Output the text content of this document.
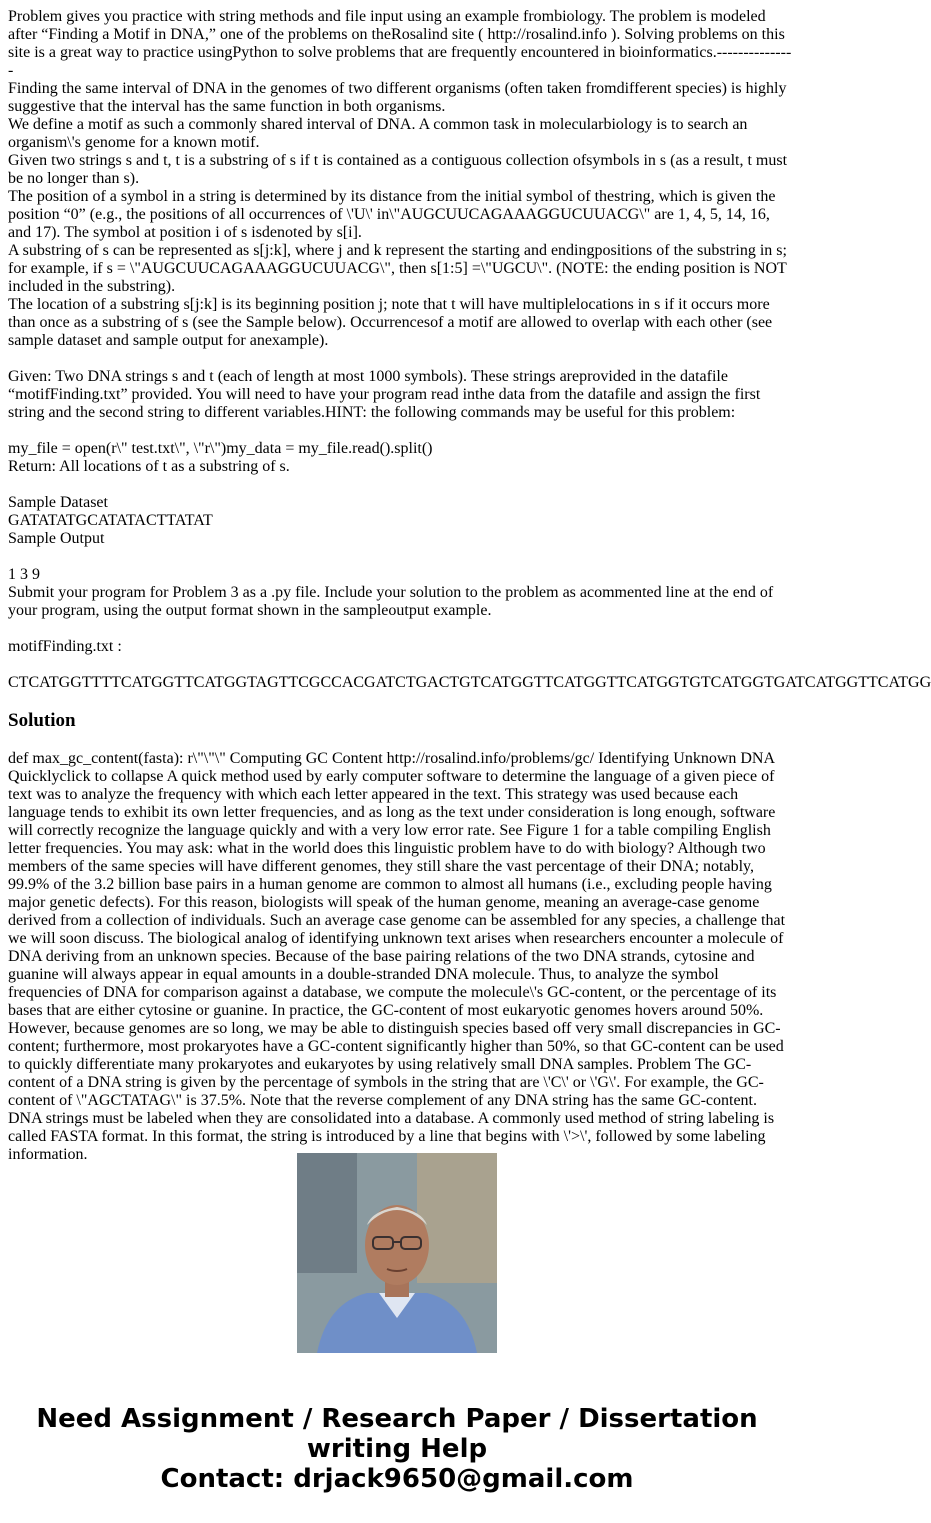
Problem gives you practice with string methods and file input using an example frombiology. The problem is modeled after “Finding a Motif in DNA,” one of the problems on theRosalind site ( http://rosalind.info ). Solving problems on this site is a great way to practice usingPython to solve problems that are frequently encountered in bioinformatics.---------------

Finding the same interval of DNA in the genomes of two different organisms (often taken fromdifferent species) is highly suggestive that the interval has the same function in both organisms.

We define a motif as such a commonly shared interval of DNA. A common task in molecularbiology is to search an organism\'s genome for a known motif.

Given two strings s and t, t is a substring of s if t is contained as a contiguous collection ofsymbols in s (as a result, t must be no longer than s).

The position of a symbol in a string is determined by its distance from the initial symbol of thestring, which is given the position “0” (e.g., the positions of all occurrences of \'U\' in\"AUGCUUCAGAAAGGUCUUACG\" are 1, 4, 5, 14, 16, and 17). The symbol at position i of s isdenoted by s[i].

A substring of s can be represented as s[j:k], where j and k represent the starting and endingpositions of the substring in s; for example, if s = \"AUGCUUCAGAAAGGUCUUACG\", then s[1:5] =\"UGCU\". (NOTE: the ending position is NOT included in the substring).

The location of a substring s[j:k] is its beginning position j; note that t will have multiplelocations in s if it occurs more than once as a substring of s (see the Sample below). Occurrencesof a motif are allowed to overlap with each other (see sample dataset and sample output for anexample).

Given: Two DNA strings s and t (each of length at most 1000 symbols). These strings areprovided in the datafile “motifFinding.txt” provided. You will need to have your program read inthe data from the datafile and assign the first string and the second string to different variables.HINT: the following commands may be useful for this problem:

my_file = open(r\" test.txt\", \"r\")my_data = my_file.read().split()

Return: All locations of t as a substring of s.

Sample Dataset

GATATATGCATATACTTATAT

Sample Output

1 3 9

Submit your program for Problem 3 as a .py file. Include your solution to the problem as acommented line at the end of your program, using the output format shown in the sampleoutput example.

motifFinding.txt :

CTCATGGTTTTCATGGTTCATGGTAGTTCGCCACGATCTGACTGTCATGGTTCATGGTTCATGGTGTCATGGTGATCATGGTTCATGG

Solution
def max_gc_content(fasta): r\"\"\" Computing GC Content http://rosalind.info/problems/gc/ Identifying Unknown DNA Quicklyclick to collapse A quick method used by early computer software to determine the language of a given piece of text was to analyze the frequency with which each letter appeared in the text. This strategy was used because each language tends to exhibit its own letter frequencies, and as long as the text under consideration is long enough, software will correctly recognize the language quickly and with a very low error rate. See Figure 1 for a table compiling English letter frequencies. You may ask: what in the world does this linguistic problem have to do with biology? Although two members of the same species will have different genomes, they still share the vast percentage of their DNA; notably, 99.9% of the 3.2 billion base pairs in a human genome are common to almost all humans (i.e., excluding people having major genetic defects). For this reason, biologists will speak of the human genome, meaning an average-case genome derived from a collection of individuals. Such an average case genome can be assembled for any species, a challenge that we will soon discuss. The biological analog of identifying unknown text arises when researchers encounter a molecule of DNA deriving from an unknown species. Because of the base pairing relations of the two DNA strands, cytosine and guanine will always appear in equal amounts in a double-stranded DNA molecule. Thus, to analyze the symbol frequencies of DNA for comparison against a database, we compute the molecule\'s GC-content, or the percentage of its bases that are either cytosine or guanine. In practice, the GC-content of most eukaryotic genomes hovers around 50%. However, because genomes are so long, we may be able to distinguish species based off very small discrepancies in GC-content; furthermore, most prokaryotes have a GC-content significantly higher than 50%, so that GC-content can be used to quickly differentiate many prokaryotes and eukaryotes by using relatively small DNA samples. Problem The GC-content of a DNA string is given by the percentage of symbols in the string that are \'C\' or \'G\'. For example, the GC-content of \"AGCTATAG\" is 37.5%. Note that the reverse complement of any DNA string has the same GC-content. DNA strings must be labeled when they are consolidated into a database. A commonly used method of string labeling is called FASTA format. In this format, the string is introduced by a line that begins with \'>\', followed by some labeling information.
Need Assignment / Research Paper / Dissertation
writing Help
Contact: drjack9650@gmail.com
